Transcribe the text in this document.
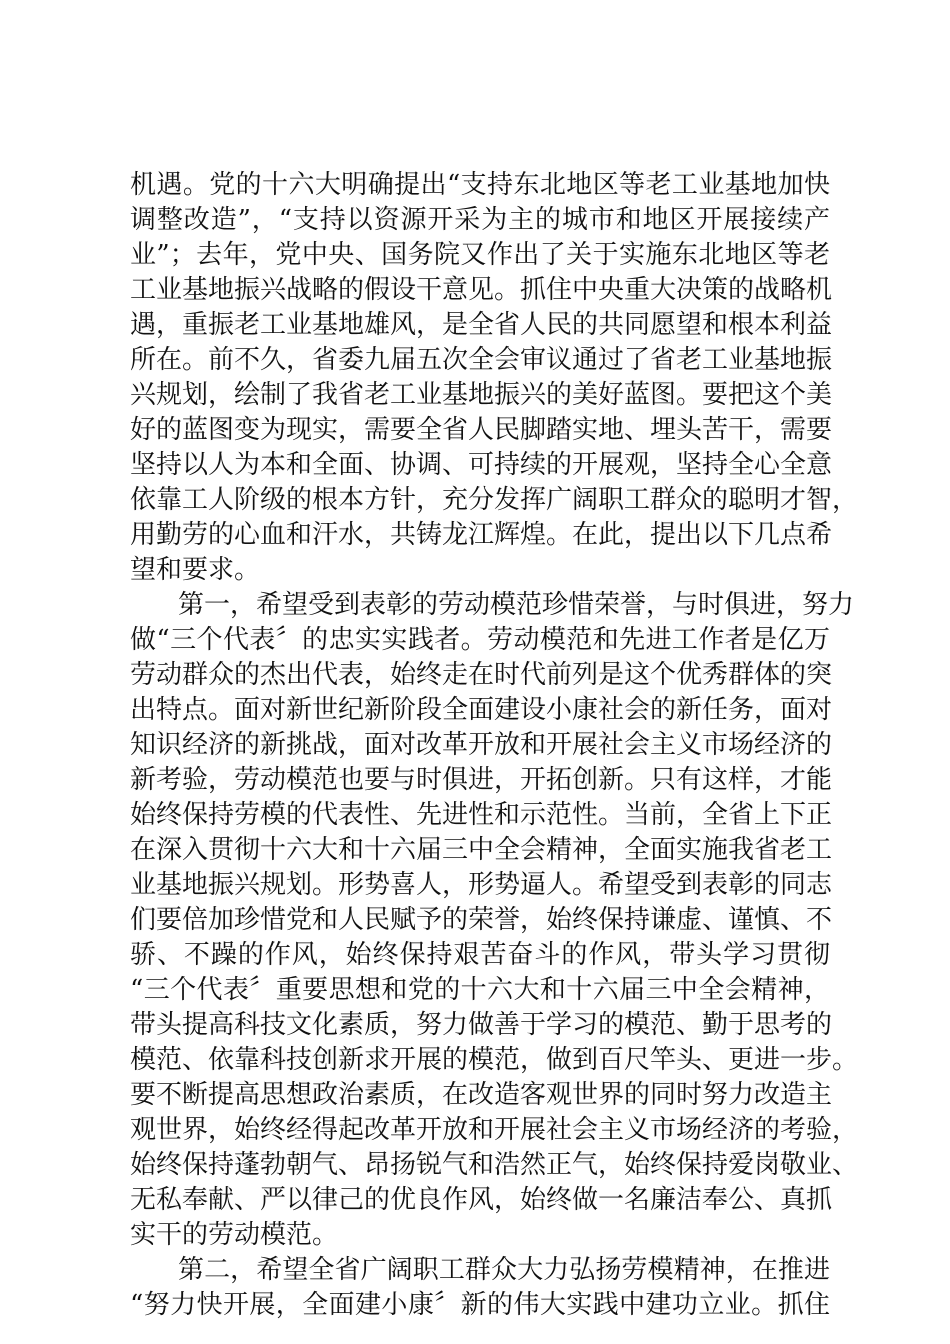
机遇。党的十六大明确提出“支持东北地区等老工业基地加快
调整改造”，“支持以资源开采为主的城市和地区开展接续产
业”；去年，党中央、国务院又作出了关于实施东北地区等老
工业基地振兴战略的假设干意见。抓住中央重大决策的战略机
遇，重振老工业基地雄风，是全省人民的共同愿望和根本利益
所在。前不久，省委九届五次全会审议通过了省老工业基地振
兴规划，绘制了我省老工业基地振兴的美好蓝图。要把这个美
好的蓝图变为现实，需要全省人民脚踏实地、埋头苦干，需要
坚持以人为本和全面、协调、可持续的开展观，坚持全心全意
依靠工人阶级的根本方针，充分发挥广阔职工群众的聪明才智，
用勤劳的心血和汗水，共铸龙江辉煌。在此，提出以下几点希
望和要求。
第一，希望受到表彰的劳动模范珍惜荣誉，与时俱进，努力
做“三个代表〞的忠实实践者。劳动模范和先进工作者是亿万
劳动群众的杰出代表，始终走在时代前列是这个优秀群体的突
出特点。面对新世纪新阶段全面建设小康社会的新任务，面对
知识经济的新挑战，面对改革开放和开展社会主义市场经济的
新考验，劳动模范也要与时俱进，开拓创新。只有这样，才能
始终保持劳模的代表性、先进性和示范性。当前，全省上下正
在深入贯彻十六大和十六届三中全会精神，全面实施我省老工
业基地振兴规划。形势喜人，形势逼人。希望受到表彰的同志
们要倍加珍惜党和人民赋予的荣誉，始终保持谦虚、谨慎、不
骄、不躁的作风，始终保持艰苦奋斗的作风，带头学习贯彻
“三个代表〞重要思想和党的十六大和十六届三中全会精神，
带头提高科技文化素质，努力做善于学习的模范、勤于思考的
模范、依靠科技创新求开展的模范，做到百尺竿头、更进一步。
要不断提高思想政治素质，在改造客观世界的同时努力改造主
观世界，始终经得起改革开放和开展社会主义市场经济的考验，
始终保持蓬勃朝气、昂扬锐气和浩然正气，始终保持爱岗敬业、
无私奉献、严以律己的优良作风，始终做一名廉洁奉公、真抓
实干的劳动模范。
第二，希望全省广阔职工群众大力弘扬劳模精神，在推进
“努力快开展，全面建小康〞新的伟大实践中建功立业。抓住
